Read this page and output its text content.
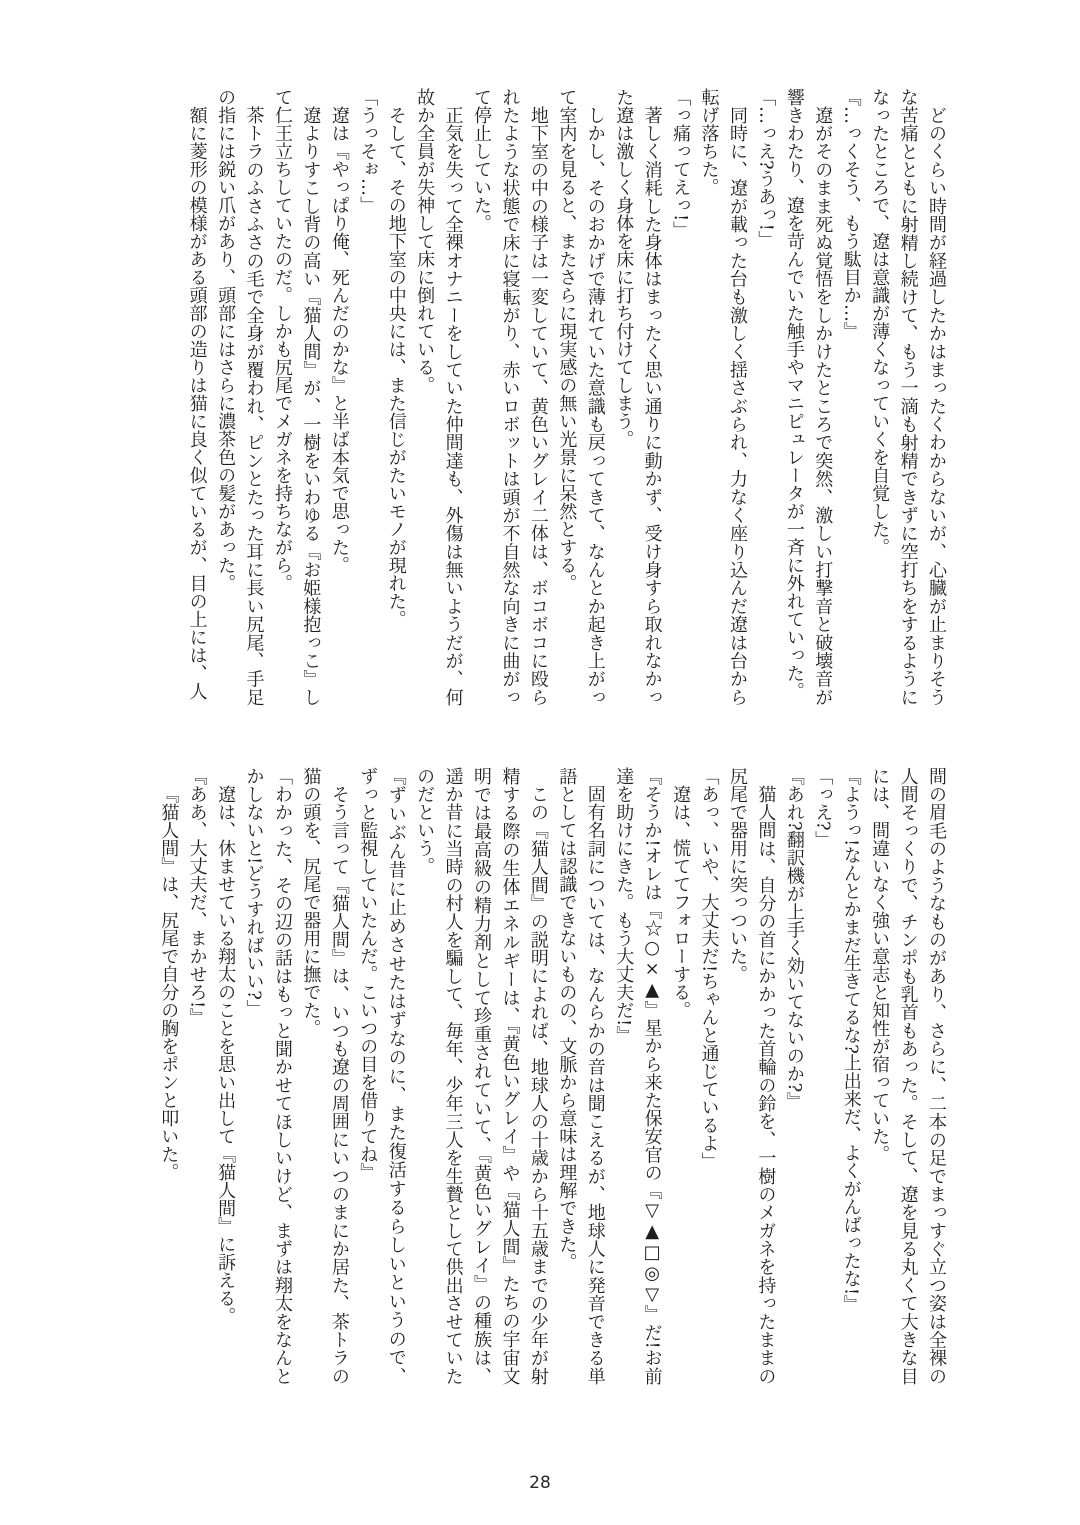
どのくらい時間が経過したかはまったくわからないが、心臓が止まりそうな苦痛とともに射精し続けて、もう一滴も射精できずに空打ちをするようになったところで、遼は意識が薄くなっていくを自覚した。

『…っくそう、もう駄目か…』

遼がそのまま死ぬ覚悟をしかけたところで突然、激しい打撃音と破壊音が響きわたり、遼を苛んでいた触手やマニピュレータが一斉に外れていった。

「…っえ?うあっ!」

同時に、遼が載った台も激しく揺さぶられ、力なく座り込んだ遼は台から転げ落ちた。

「っ痛ってえっ!」

著しく消耗した身体はまったく思い通りに動かず、受け身すら取れなかった遼は激しく身体を床に打ち付けてしまう。

しかし、そのおかげで薄れていた意識も戻ってきて、なんとか起き上がって室内を見ると、またさらに現実感の無い光景に呆然とする。

地下室の中の様子は一変していて、黄色いグレイ二体は、ボコボコに殴られたような状態で床に寝転がり、赤いロボットは頭が不自然な向きに曲がって停止していた。

正気を失って全裸オナニーをしていた仲間達も、外傷は無いようだが、何故か全員が失神して床に倒れている。

そして、その地下室の中央には、また信じがたいモノが現れた。

「うっそぉ…」

遼は『やっぱり俺、死んだのかな』と半ば本気で思った。

遼よりすこし背の高い『猫人間』が、一樹をいわゆる『お姫様抱っこ』して仁王立ちしていたのだ。しかも尻尾でメガネを持ちながら。

茶トラのふさふさの毛で全身が覆われ、ピンとたった耳に長い尻尾、手足の指には鋭い爪があり、頭部にはさらに濃茶色の髪があった。

額に菱形の模様がある頭部の造りは猫に良く似ているが、目の上には、人

間の眉毛のようなものがあり、さらに、二本の足でまっすぐ立つ姿は全裸の人間そっくりで、チンポも乳首もあった。そして、遼を見る丸くて大きな目には、間違いなく強い意志と知性が宿っていた。

『ようっ!なんとかまだ生きてるな?上出来だ、よくがんばったな!』

「っえ?」

『あれ?翻訳機が上手く効いてないのか?』

猫人間は、自分の首にかかった首輪の鈴を、一樹のメガネを持ったままの尻尾で器用に突っついた。

「あっ、いや、大丈夫だ!ちゃんと通じているよ」

遼は、慌ててフォローする。

『そうか!オレは『☆○×▲』星から来た保安官の『▽▲□◎▽』だ!お前達を助けにきた。もう大丈夫だ!』

固有名詞については、なんらかの音は聞こえるが、地球人に発音できる単語としては認識できないものの、文脈から意味は理解できた。

この『猫人間』の説明によれば、地球人の十歳から十五歳までの少年が射精する際の生体エネルギーは、『黄色いグレイ』や『猫人間』たちの宇宙文明では最高級の精力剤として珍重されていて、『黄色いグレイ』の種族は、遥か昔に当時の村人を騙して、毎年、少年三人を生贄として供出させていたのだという。

『ずいぶん昔に止めさせたはずなのに、また復活するらしいというので、ずっと監視していたんだ。こいつの目を借りてね』

そう言って『猫人間』は、いつも遼の周囲にいつのまにか居た、茶トラの猫の頭を、尻尾で器用に撫でた。

「わかった、その辺の話はもっと聞かせてほしいけど、まずは翔太をなんとかしないと!どうすればいい?」

遼は、休ませている翔太のことを思い出して『猫人間』に訴える。

『ああ、大丈夫だ、まかせろ!』

『猫人間』は、尻尾で自分の胸をポンと叩いた。

28
